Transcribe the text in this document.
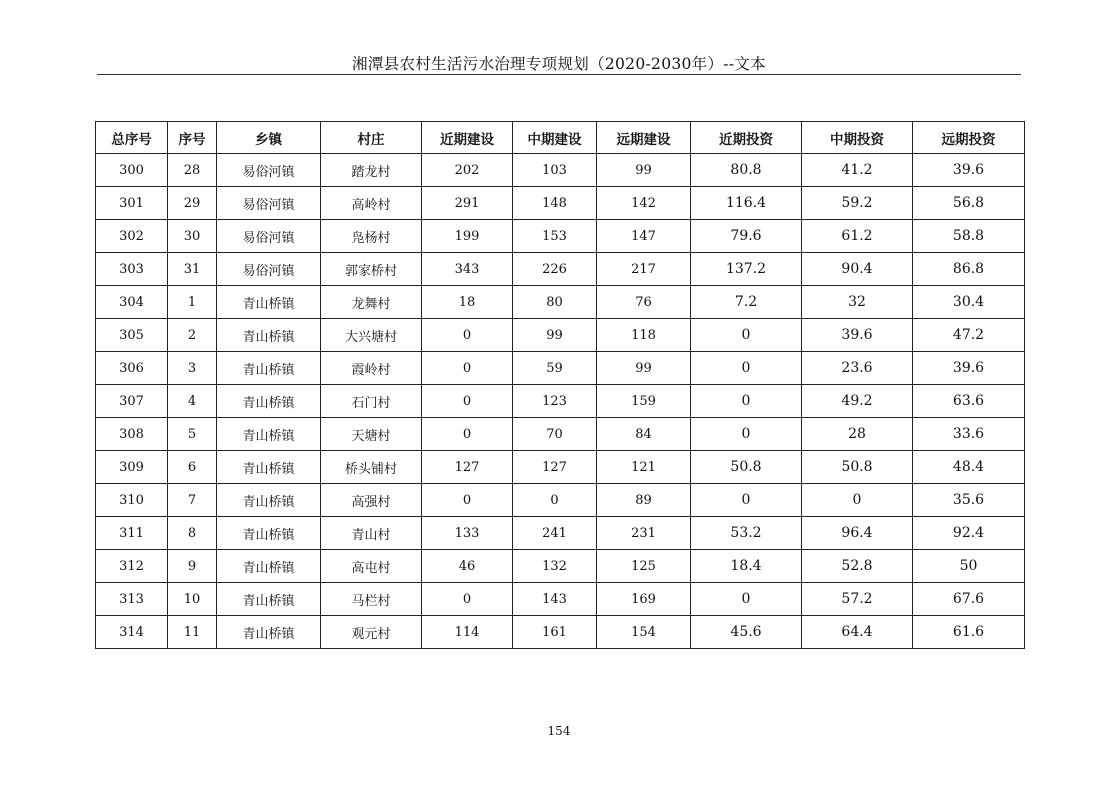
湘潭县农村生活污水治理专项规划（2020-2030年）--文本
总序号	序号	乡镇	村庄	近期建设	中期建设	远期建设	近期投资	中期投资	远期投资
300	28	易俗河镇	踏龙村	202	103	99	80.8	41.2	39.6
301	29	易俗河镇	高岭村	291	148	142	116.4	59.2	56.8
302	30	易俗河镇	凫杨村	199	153	147	79.6	61.2	58.8
303	31	易俗河镇	郭家桥村	343	226	217	137.2	90.4	86.8
304	1	青山桥镇	龙舞村	18	80	76	7.2	32	30.4
305	2	青山桥镇	大兴塘村	0	99	118	0	39.6	47.2
306	3	青山桥镇	霞岭村	0	59	99	0	23.6	39.6
307	4	青山桥镇	石门村	0	123	159	0	49.2	63.6
308	5	青山桥镇	天塘村	0	70	84	0	28	33.6
309	6	青山桥镇	桥头铺村	127	127	121	50.8	50.8	48.4
310	7	青山桥镇	高强村	0	0	89	0	0	35.6
311	8	青山桥镇	青山村	133	241	231	53.2	96.4	92.4
312	9	青山桥镇	高屯村	46	132	125	18.4	52.8	50
313	10	青山桥镇	马栏村	0	143	169	0	57.2	67.6
314	11	青山桥镇	观元村	114	161	154	45.6	64.4	61.6
154
